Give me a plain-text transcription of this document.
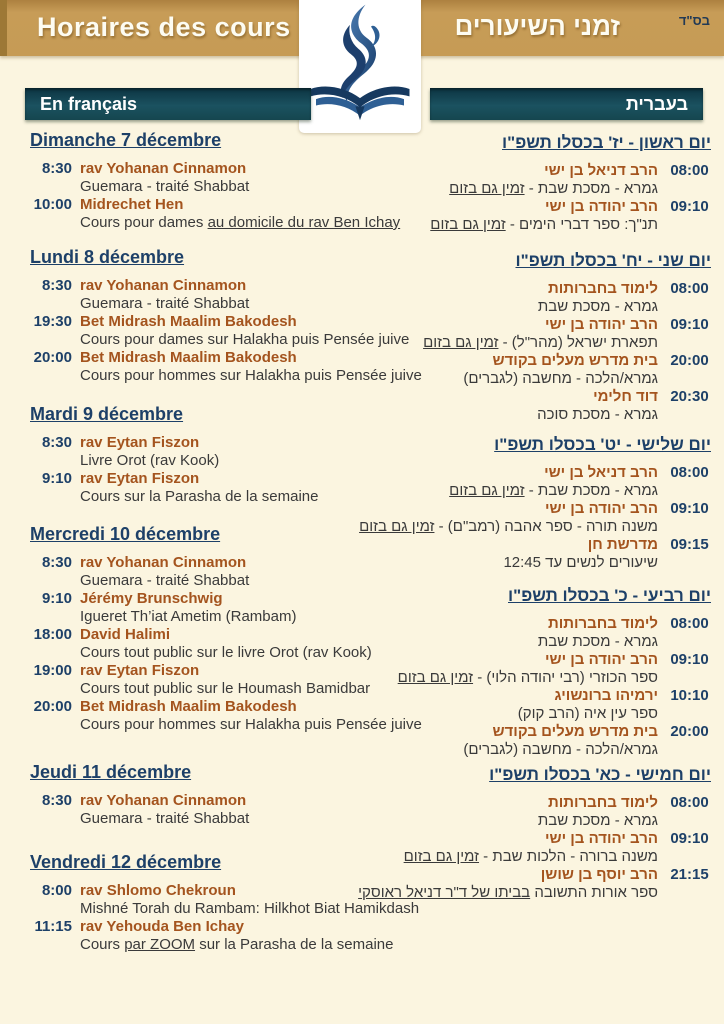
בס"ד
Horaires des cours	זמני השיעורים
En français	בעברית
Dimanche 7 décembre
8:30 rav Yohanan Cinnamon
Guemara - traité Shabbat
10:00 Midrechet Hen
Cours pour dames au domicile du rav Ben Ichay
Lundi 8 décembre
8:30 rav Yohanan Cinnamon
Guemara - traité Shabbat
19:30 Bet Midrash Maalim Bakodesh
Cours pour dames sur Halakha puis Pensée juive
20:00 Bet Midrash Maalim Bakodesh
Cours pour hommes sur Halakha puis Pensée juive
Mardi 9 décembre
8:30 rav Eytan Fiszon
Livre Orot (rav Kook)
9:10 rav Eytan Fiszon
Cours sur la Parasha de la semaine
Mercredi 10 décembre
8:30 rav Yohanan Cinnamon
Guemara - traité Shabbat
9:10 Jérémy Brunschwig
Igueret Th’iat Ametim (Rambam)
18:00 David Halimi
Cours tout public sur le livre Orot (rav Kook)
19:00 rav Eytan Fiszon
Cours tout public sur le Houmash Bamidbar
20:00 Bet Midrash Maalim Bakodesh
Cours pour hommes sur Halakha puis Pensée juive
Jeudi 11 décembre
8:30 rav Yohanan Cinnamon
Guemara - traité Shabbat
Vendredi 12 décembre
8:00 rav Shlomo Chekroun
Mishné Torah du Rambam: Hilkhot Biat Hamikdash
11:15 rav Yehouda Ben Ichay
Cours par ZOOM sur la Parasha de la semaine
יום ראשון - יז' בכסלו תשפ"ו
08:00הרב דניאל בן ישי
גמרא - מסכת שבת - זמין גם בזום
09:10הרב יהודה בן ישי
תנ"ך: ספר דברי הימים - זמין גם בזום
יום שני - יח' בכסלו תשפ"ו
08:00לימוד בחברותות
גמרא - מסכת שבת
09:10הרב יהודה בן ישי
תפארת ישראל (מהר"ל) - זמין גם בזום
20:00בית מדרש מעלים בקודש
גמרא/הלכה - מחשבה (לגברים)
20:30דוד חלימי
גמרא - מסכת סוכה
יום שלישי - יט' בכסלו תשפ"ו
08:00הרב דניאל בן ישי
גמרא - מסכת שבת - זמין גם בזום
09:10הרב יהודה בן ישי
משנה תורה - ספר אהבה (רמב"ם) - זמין גם בזום
09:15מדרשת חן
שיעורים לנשים עד 12:45
יום רביעי - כ' בכסלו תשפ"ו
08:00לימוד בחברותות
גמרא - מסכת שבת
09:10הרב יהודה בן ישי
ספר הכוזרי (רבי יהודה הלוי) - זמין גם בזום
10:10ירמיהו ברונשויג
ספר עין איה (הרב קוק)
20:00בית מדרש מעלים בקודש
גמרא/הלכה - מחשבה (לגברים)
יום חמישי - כא' בכסלו תשפ"ו
08:00לימוד בחברותות
גמרא - מסכת שבת
09:10הרב יהודה בן ישי
משנה ברורה - הלכות שבת - זמין גם בזום
21:15הרב יוסף בן שושן
ספר אורות התשובה בביתו של ד"ר דניאל ראוסקי
